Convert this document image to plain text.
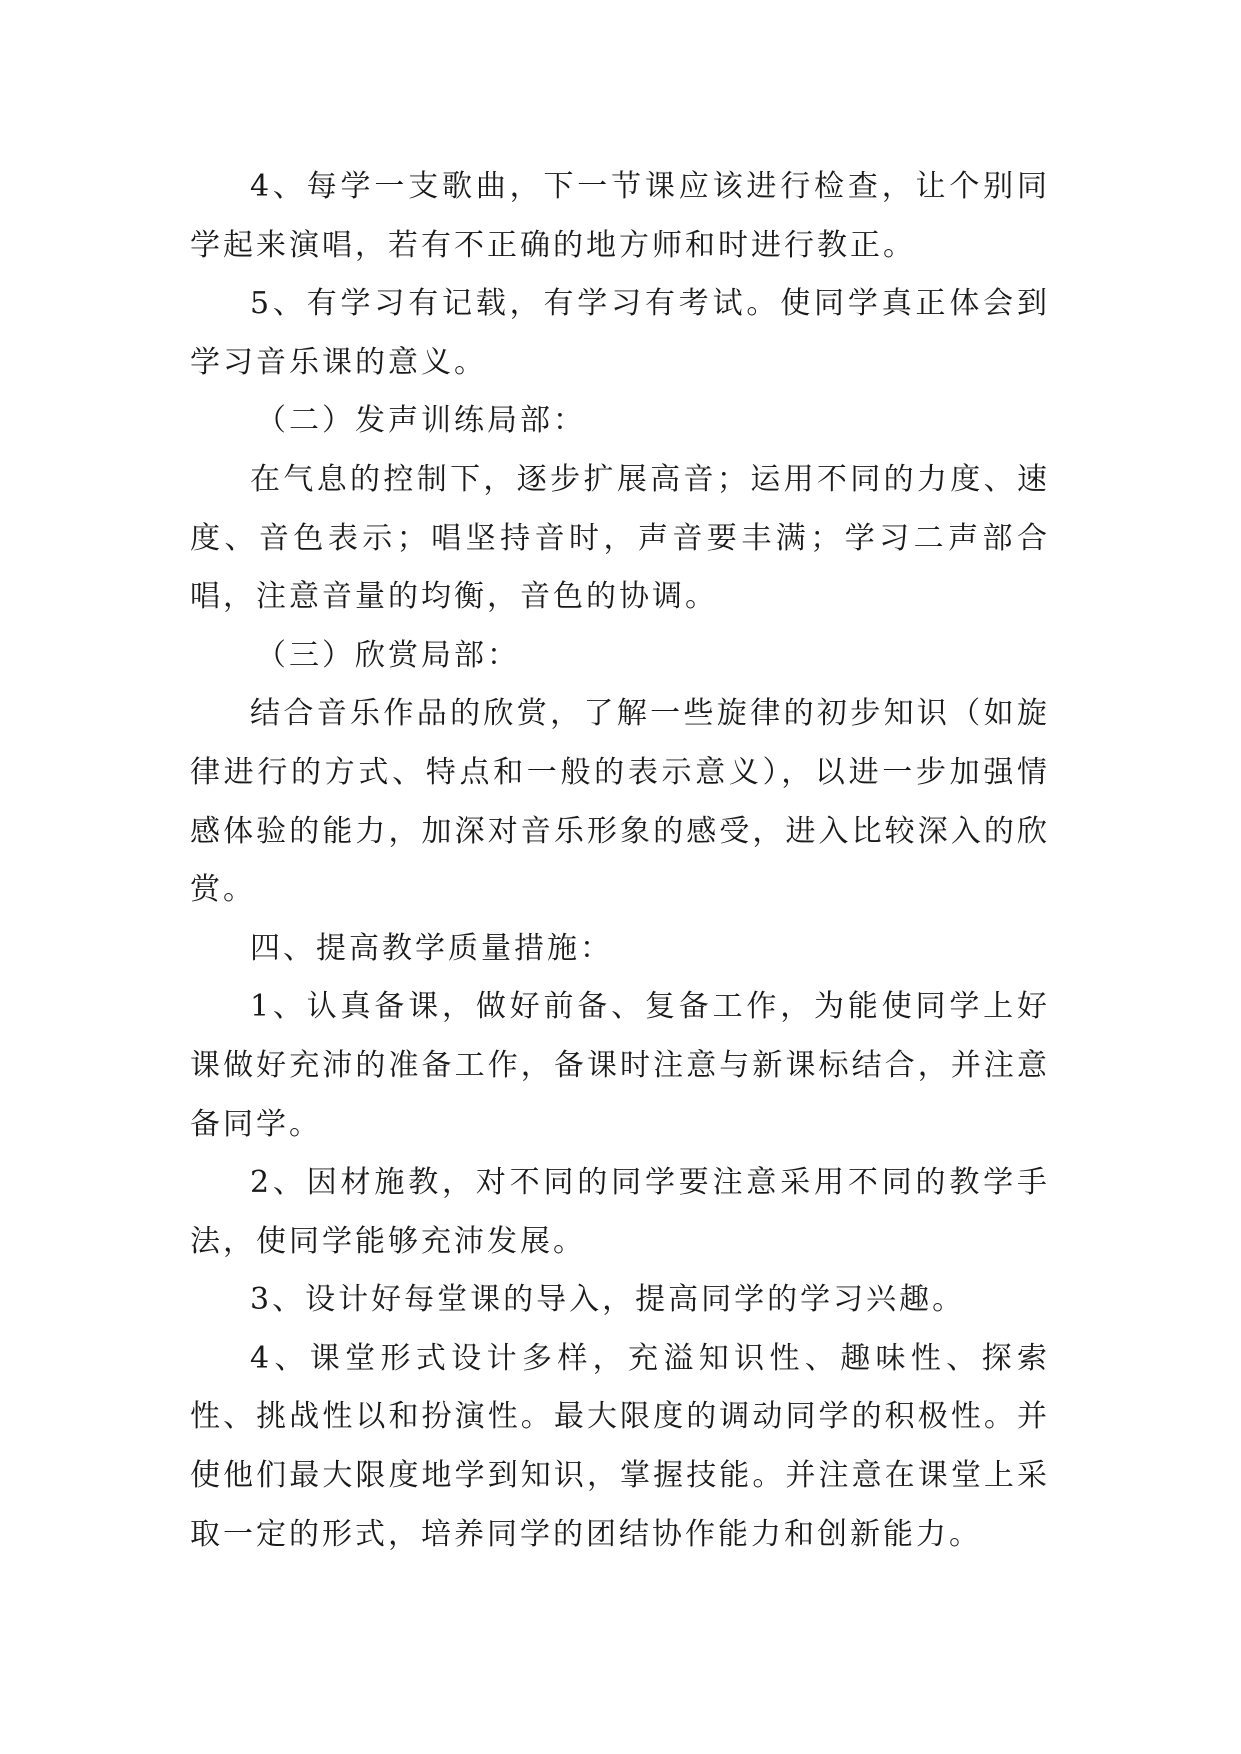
4、每学一支歌曲，下一节课应该进行检查，让个别同学起来演唱，若有不正确的地方师和时进行教正。

5、有学习有记载，有学习有考试。使同学真正体会到学习音乐课的意义。

（二）发声训练局部：

在气息的控制下，逐步扩展高音；运用不同的力度、速度、音色表示；唱坚持音时，声音要丰满；学习二声部合唱，注意音量的均衡，音色的协调。

（三）欣赏局部：

结合音乐作品的欣赏，了解一些旋律的初步知识（如旋律进行的方式、特点和一般的表示意义），以进一步加强情感体验的能力，加深对音乐形象的感受，进入比较深入的欣赏。

四、提高教学质量措施：

1、认真备课，做好前备、复备工作，为能使同学上好课做好充沛的准备工作，备课时注意与新课标结合，并注意备同学。

2、因材施教，对不同的同学要注意采用不同的教学手法，使同学能够充沛发展。

3、设计好每堂课的导入，提高同学的学习兴趣。

4、课堂形式设计多样，充溢知识性、趣味性、探索性、挑战性以和扮演性。最大限度的调动同学的积极性。并使他们最大限度地学到知识，掌握技能。并注意在课堂上采取一定的形式，培养同学的团结协作能力和创新能力。
